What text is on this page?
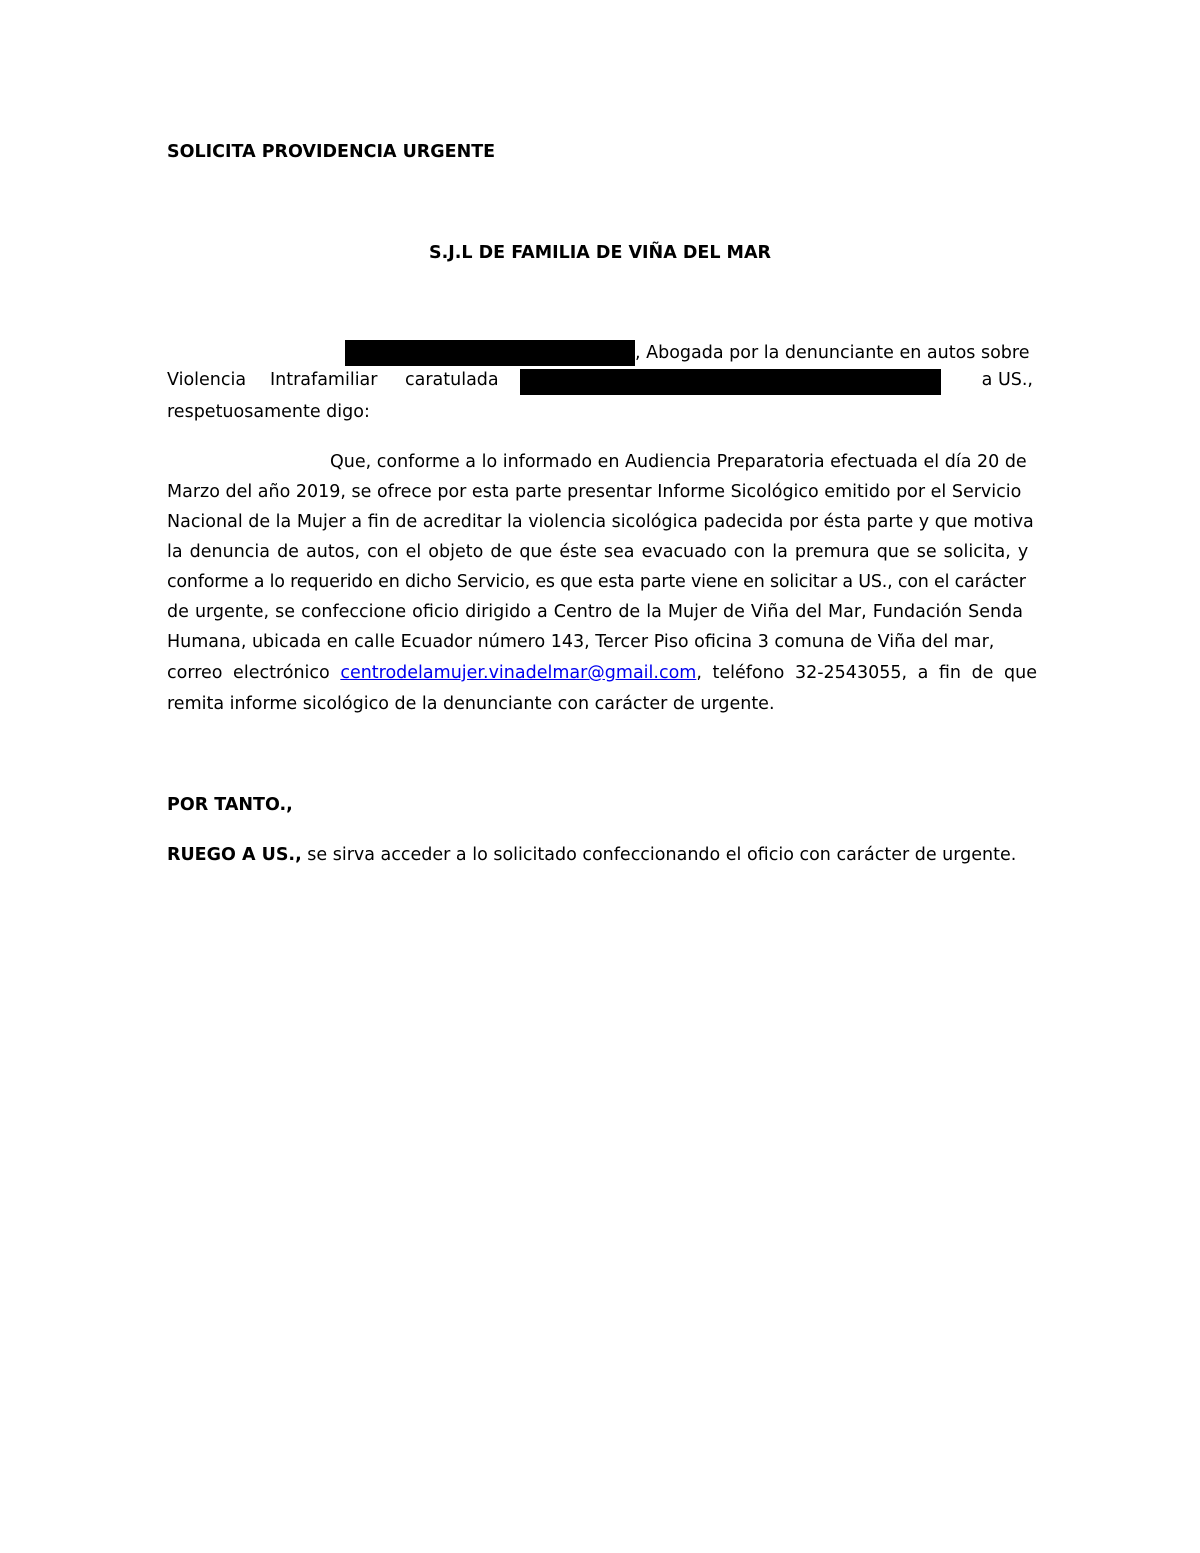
SOLICITA PROVIDENCIA URGENTE
S.J.L DE FAMILIA DE VIÑA DEL MAR
, Abogada por la denunciante en autos sobre
Violencia Intrafamiliar caratulada	a US.,
respetuosamente digo:
Que, conforme a lo informado en Audiencia Preparatoria efectuada el día 20 de
Marzo del año 2019, se ofrece por esta parte presentar Informe Sicológico emitido por el Servicio
Nacional de la Mujer a fin de acreditar la violencia sicológica padecida por ésta parte y que motiva
la denuncia de autos, con el objeto de que éste sea evacuado con la premura que se solicita, y
conforme a lo requerido en dicho Servicio, es que esta parte viene en solicitar a US., con el carácter
de urgente, se confeccione oficio dirigido a Centro de la Mujer de Viña del Mar, Fundación Senda
Humana, ubicada en calle Ecuador número 143, Tercer Piso oficina 3 comuna de Viña del mar,
correo electrónico centrodelamujer.vinadelmar@gmail.com, teléfono 32-2543055, a fin de que
remita informe sicológico de la denunciante con carácter de urgente.
POR TANTO.,
RUEGO A US., se sirva acceder a lo solicitado confeccionando el oficio con carácter de urgente.
